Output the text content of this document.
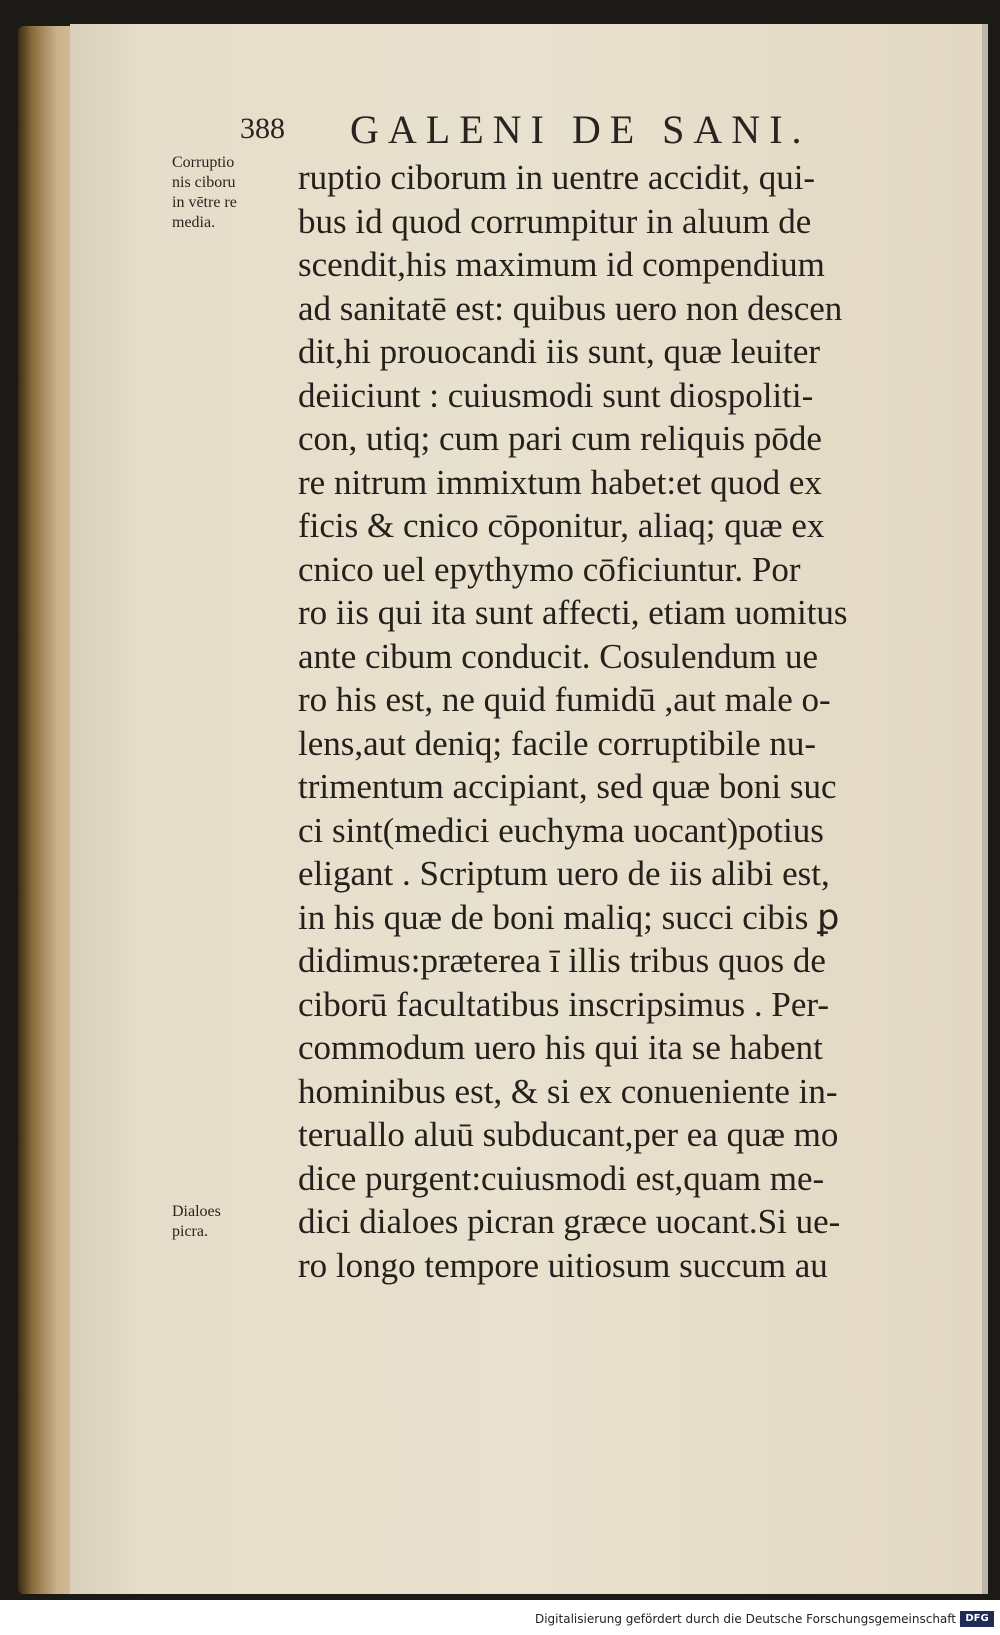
388 GALENI DE SANI.
Corruptio
nis ciboru
in vētre re
media.
Dialoes
picra.
ruptio ciborum in uentre accidit, qui-
bus id quod corrumpitur in aluum de
scendit,his maximum id compendium
ad sanitatē est: quibus uero non descen
dit,hi prouocandi iis sunt, quæ leuiter
deiiciunt : cuiusmodi sunt diospoliti-
con, utiq; cum pari cum reliquis pōde
re nitrum immixtum habet:et quod ex
ficis & cnico cōponitur, aliaq; quæ ex
cnico uel epythymo cōficiuntur. Por
ro iis qui ita sunt affecti, etiam uomitus
ante cibum conducit. Cosulendum ue
ro his est, ne quid fumidū ,aut male o-
lens,aut deniq; facile corruptibile nu-
trimentum accipiant, sed quæ boni suc
ci sint(medici euchyma uocant)potius
eligant . Scriptum uero de iis alibi est,
in his quæ de boni maliq; succi cibis ꝑ
didimus:prӕterea ī illis tribus quos de
ciborū facultatibus inscripsimus . Per-
commodum uero his qui ita se habent
hominibus est, & si ex conueniente in-
teruallo aluū subducant,per ea quæ mo
dice purgent:cuiusmodi est,quam me-
dici dialoes picran græce uocant.Si ue-
ro longo tempore uitiosum succum au
Digitalisierung gefördert durch die Deutsche Forschungsgemeinschaft DFG
